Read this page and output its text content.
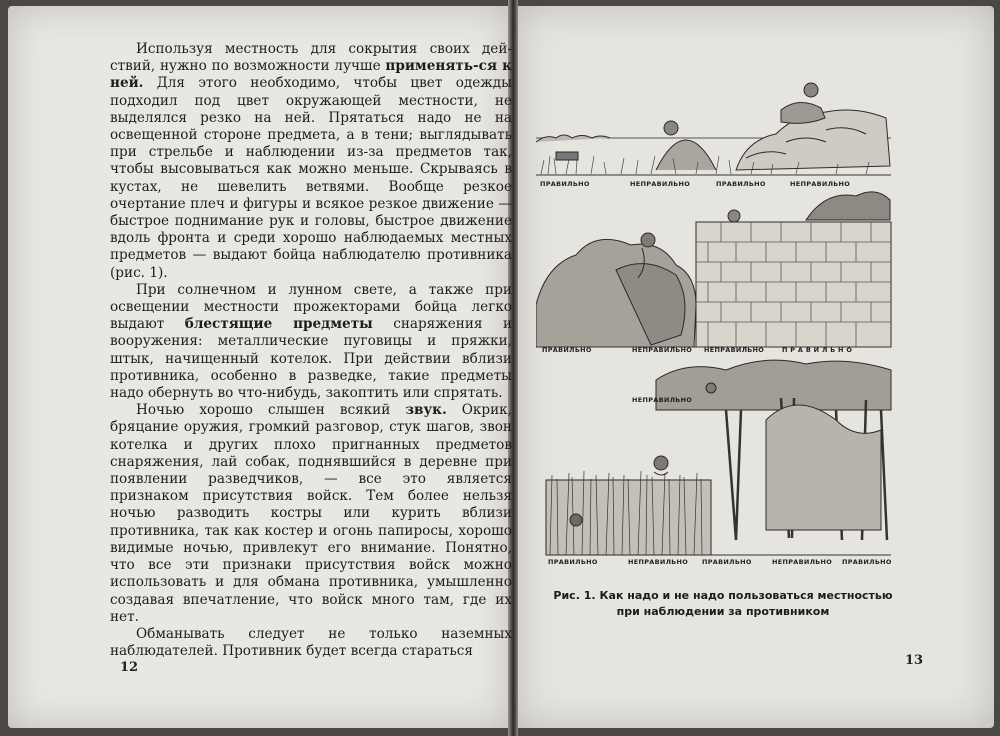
Используя местность для сокрытия своих дей-ствий, нужно по возможности лучше применять-ся к ней. Для этого необходимо, чтобы цвет одежды подходил под цвет окружающей местности, не выделялся резко на ней. Прятаться надо не на освещенной стороне предмета, а в тени; выглядывать при стрельбе и наблюдении из-за предметов так, чтобы высовываться как можно меньше. Скрываясь в кустах, не шевелить ветвями. Вообще резкое очертание плеч и фигуры и всякое резкое движение — быстрое поднимание рук и головы, быстрое движение вдоль фронта и среди хорошо наблюдаемых местных предметов — выдают бойца наблюдателю противника (рис. 1).

При солнечном и лунном свете, а также при освещении местности прожекторами бойца легко выдают блестящие предметы снаряжения и вооружения: металлические пуговицы и пряжки, штык, начищенный котелок. При действии вблизи противника, особенно в разведке, такие предметы надо обернуть во что-нибудь, закоптить или спрятать.

Ночью хорошо слышен всякий звук. Окрик, бряцание оружия, громкий разговор, стук шагов, звон котелка и других плохо пригнанных предметов снаряжения, лай собак, поднявшийся в деревне при появлении разведчиков, — все это является признаком присутствия войск. Тем более нельзя ночью разводить костры или курить вблизи противника, так как костер и огонь папиросы, хорошо видимые ночью, привлекут его внимание. Понятно, что все эти признаки присутствия войск можно использовать и для обмана противника, умышленно создавая впечатление, что войск много там, где их нет.

Обманывать следует не только наземных наблюдателей. Противник будет всегда стараться

12
ПРАВИЛЬНО	НЕПРАВИЛЬНО	ПРАВИЛЬНО	НЕПРАВИЛЬНО
ПРАВИЛЬНО	НЕПРАВИЛЬНО НЕПРАВИЛЬНО	П Р А В И Л Ь Н О
НЕПРАВИЛЬНО
ПРАВИЛЬНО	НЕПРАВИЛЬНО ПРАВИЛЬНО	НЕПРАВИЛЬНО ПРАВИЛЬНО
Рис. 1. Как надо и не надо пользоваться местностью
при наблюдении за противником
13
